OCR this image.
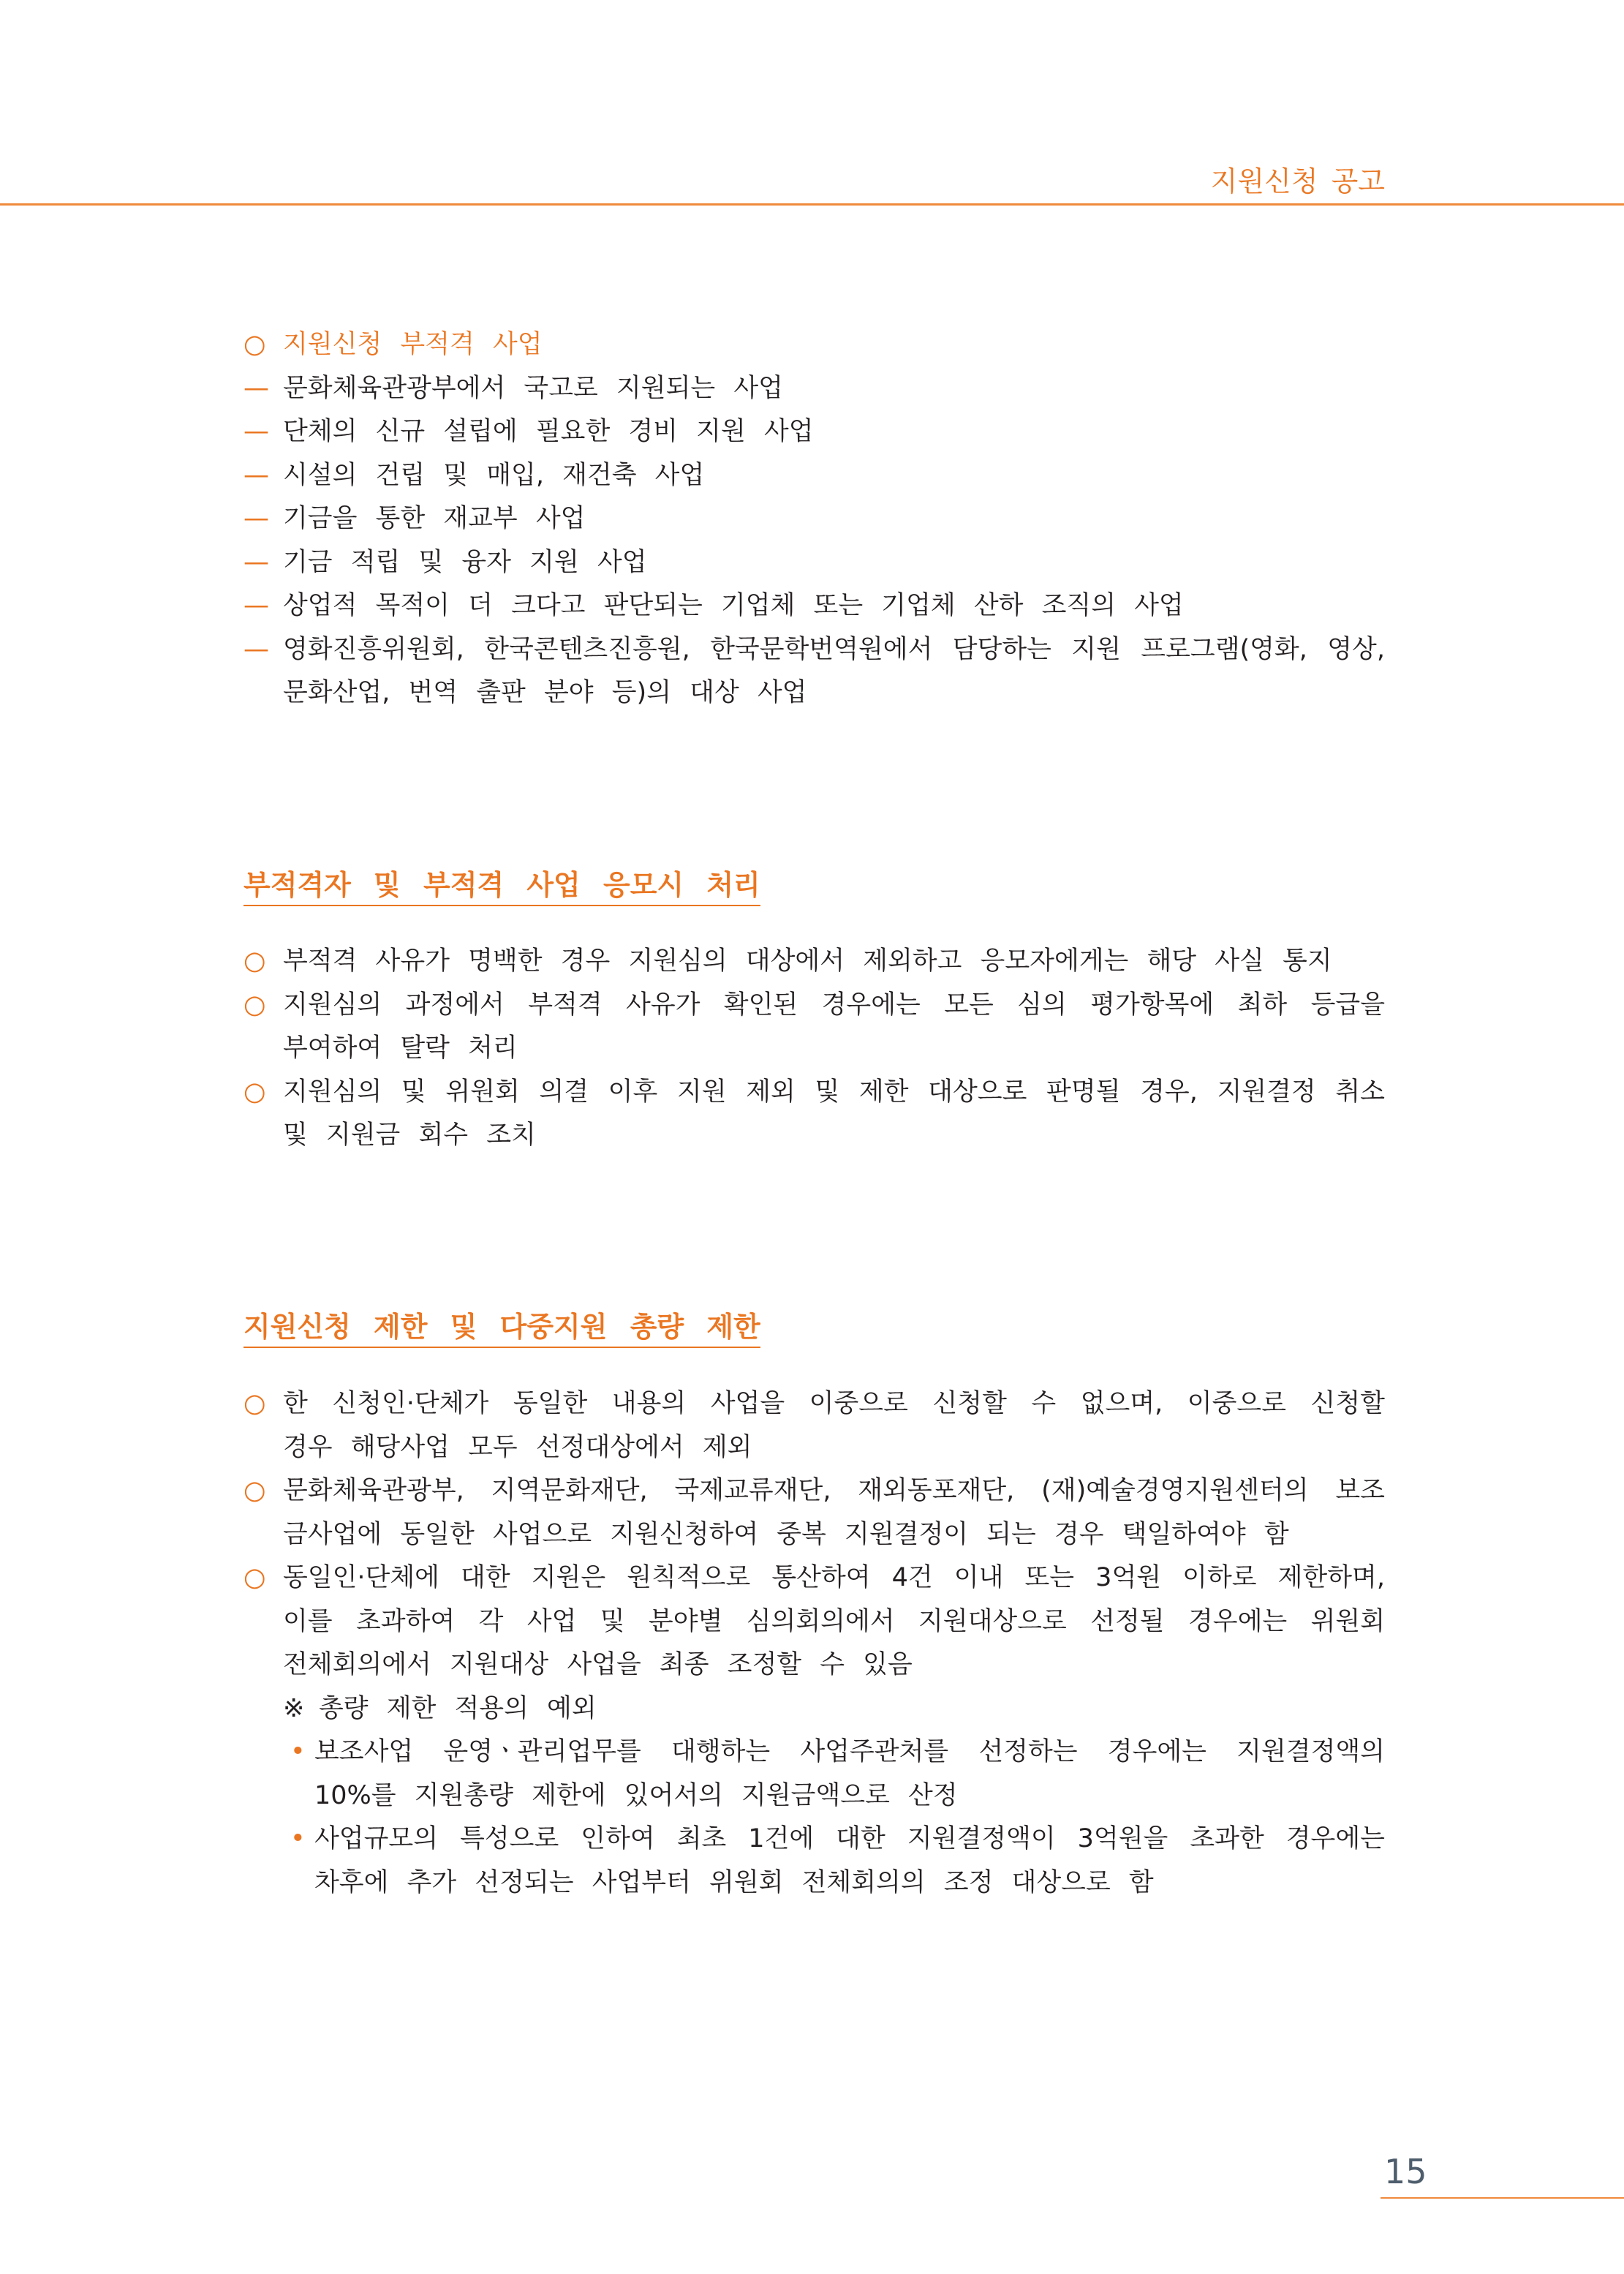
지원신청 공고
○ 지원신청 부적격 사업
— 문화체육관광부에서 국고로 지원되는 사업
— 단체의 신규 설립에 필요한 경비 지원 사업
— 시설의 건립 및 매입, 재건축 사업
— 기금을 통한 재교부 사업
— 기금 적립 및 융자 지원 사업
— 상업적 목적이 더 크다고 판단되는 기업체 또는 기업체 산하 조직의 사업
— 영화진흥위원회, 한국콘텐츠진흥원, 한국문학번역원에서 담당하는 지원 프로그램(영화, 영상,
문화산업, 번역 출판 분야 등)의 대상 사업
부적격자 및 부적격 사업 응모시 처리
○ 부적격 사유가 명백한 경우 지원심의 대상에서 제외하고 응모자에게는 해당 사실 통지
○ 지원심의 과정에서 부적격 사유가 확인된 경우에는 모든 심의 평가항목에 최하 등급을
부여하여 탈락 처리
○ 지원심의 및 위원회 의결 이후 지원 제외 및 제한 대상으로 판명될 경우, 지원결정 취소
및 지원금 회수 조치
지원신청 제한 및 다중지원 총량 제한
○ 한 신청인·단체가 동일한 내용의 사업을 이중으로 신청할 수 없으며, 이중으로 신청할
경우 해당사업 모두 선정대상에서 제외
○ 문화체육관광부, 지역문화재단, 국제교류재단, 재외동포재단, (재)예술경영지원센터의 보조
금사업에 동일한 사업으로 지원신청하여 중복 지원결정이 되는 경우 택일하여야 함
○ 동일인·단체에 대한 지원은 원칙적으로 통산하여 4건 이내 또는 3억원 이하로 제한하며,
이를 초과하여 각 사업 및 분야별 심의회의에서 지원대상으로 선정될 경우에는 위원회
전체회의에서 지원대상 사업을 최종 조정할 수 있음
※ 총량 제한 적용의 예외
• 보조사업 운영ㆍ관리업무를 대행하는 사업주관처를 선정하는 경우에는 지원결정액의
10%를 지원총량 제한에 있어서의 지원금액으로 산정
• 사업규모의 특성으로 인하여 최초 1건에 대한 지원결정액이 3억원을 초과한 경우에는
차후에 추가 선정되는 사업부터 위원회 전체회의의 조정 대상으로 함
15
